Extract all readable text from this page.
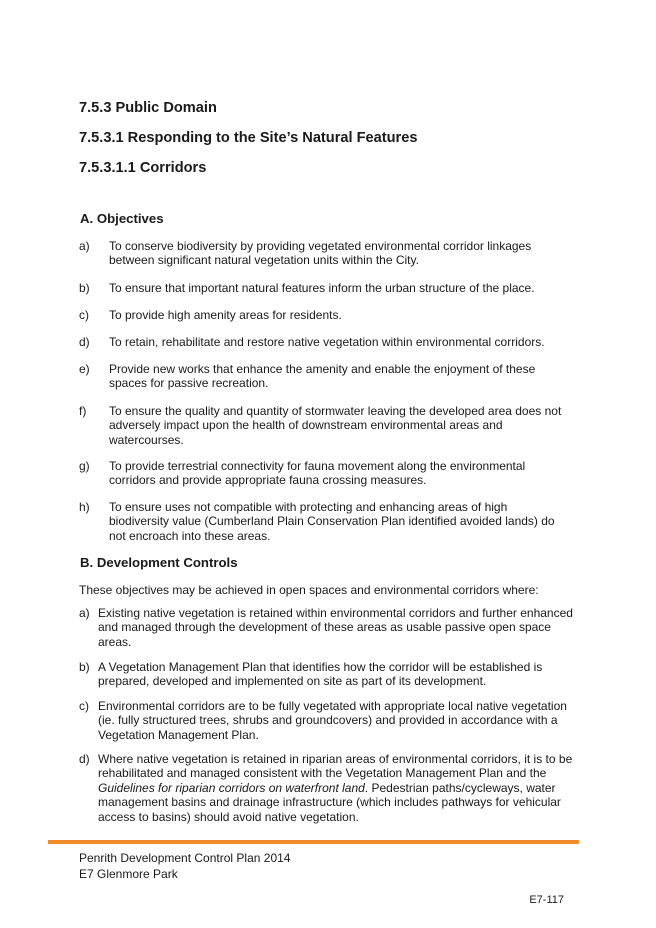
7.5.3 Public Domain
7.5.3.1 Responding to the Site’s Natural Features
7.5.3.1.1 Corridors
A. Objectives
a) To conserve biodiversity by providing vegetated environmental corridor linkages between significant natural vegetation units within the City.
b) To ensure that important natural features inform the urban structure of the place.
c) To provide high amenity areas for residents.
d) To retain, rehabilitate and restore native vegetation within environmental corridors.
e) Provide new works that enhance the amenity and enable the enjoyment of these spaces for passive recreation.
f) To ensure the quality and quantity of stormwater leaving the developed area does not adversely impact upon the health of downstream environmental areas and watercourses.
g) To provide terrestrial connectivity for fauna movement along the environmental corridors and provide appropriate fauna crossing measures.
h) To ensure uses not compatible with protecting and enhancing areas of high biodiversity value (Cumberland Plain Conservation Plan identified avoided lands) do not encroach into these areas.
B. Development Controls
These objectives may be achieved in open spaces and environmental corridors where:
a) Existing native vegetation is retained within environmental corridors and further enhanced and managed through the development of these areas as usable passive open space areas.
b) A Vegetation Management Plan that identifies how the corridor will be established is prepared, developed and implemented on site as part of its development.
c) Environmental corridors are to be fully vegetated with appropriate local native vegetation (ie. fully structured trees, shrubs and groundcovers) and provided in accordance with a Vegetation Management Plan.
d) Where native vegetation is retained in riparian areas of environmental corridors, it is to be rehabilitated and managed consistent with the Vegetation Management Plan and the Guidelines for riparian corridors on waterfront land. Pedestrian paths/cycleways, water management basins and drainage infrastructure (which includes pathways for vehicular access to basins) should avoid native vegetation.
Penrith Development Control Plan 2014
E7 Glenmore Park
E7-117
